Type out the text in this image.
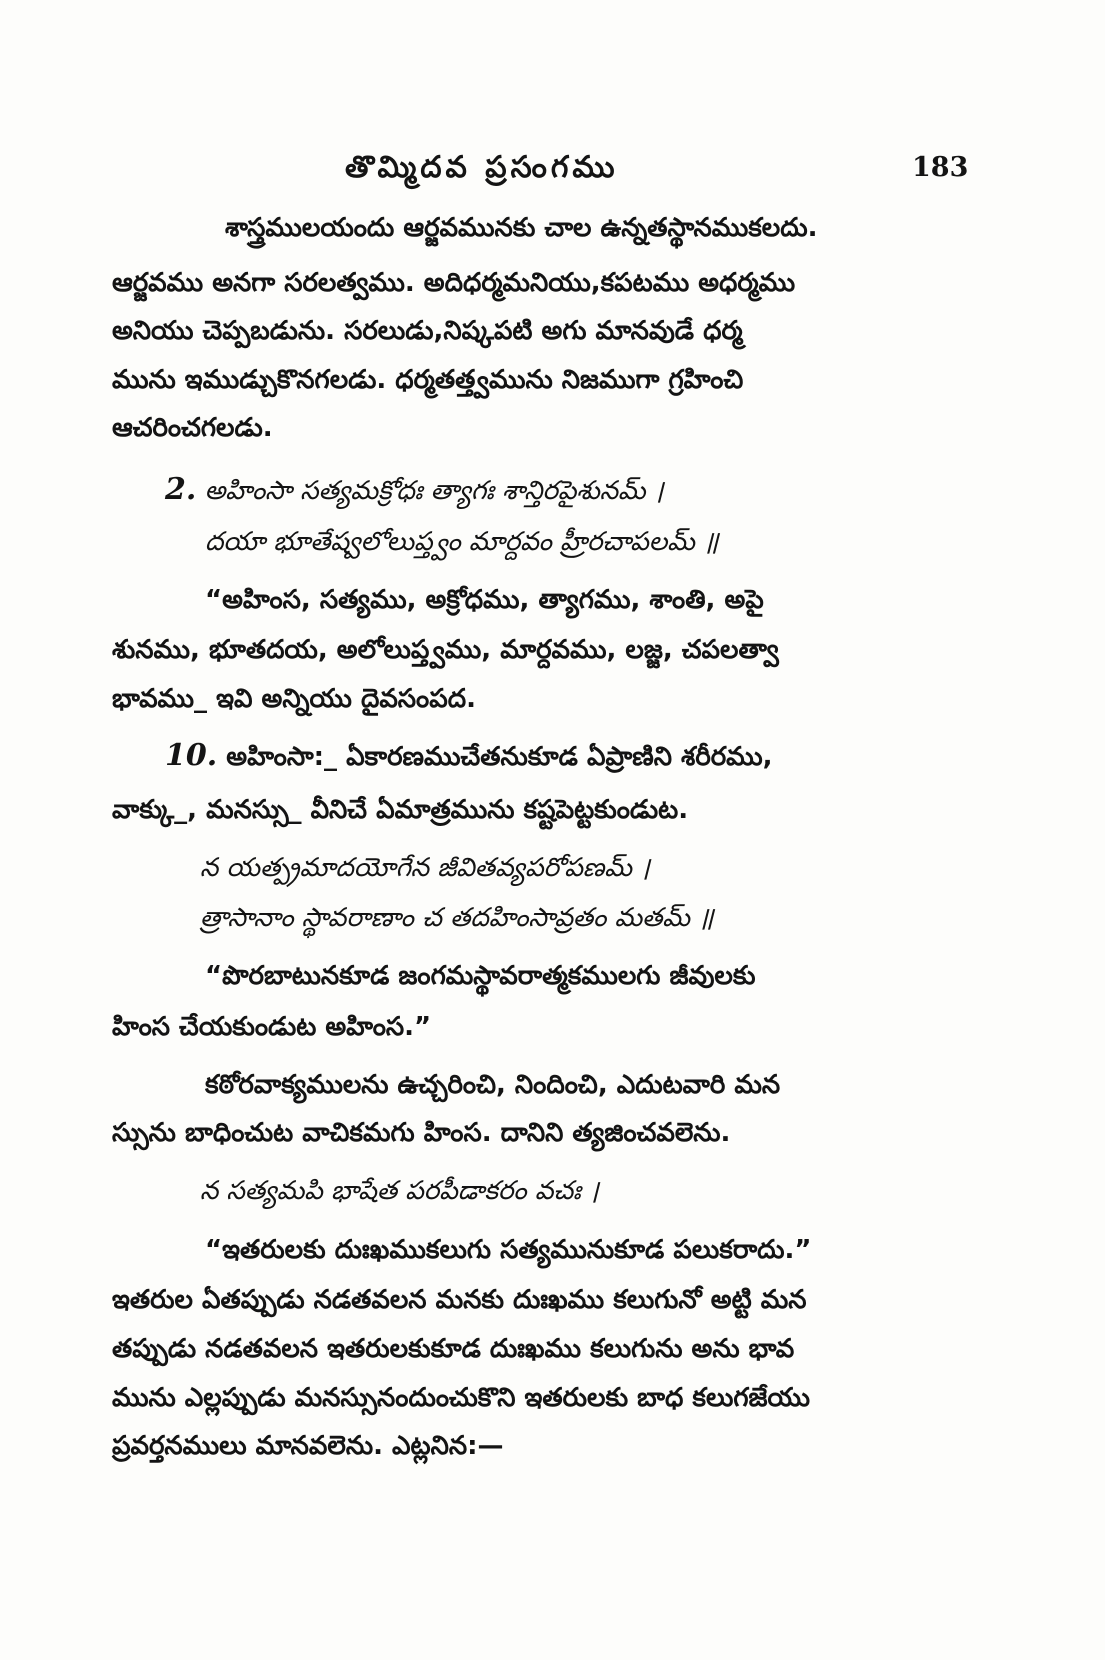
తొమ్మిదవ ప్రసంగము	183
శాస్త్రములయందు ఆర్జవమునకు చాల ఉన్నతస్థానముకలదు.
ఆర్జవము అనగా సరలత్వము. అదిధర్మమనియు,కపటము అధర్మము
అనియు చెప్పబడును. సరలుడు,నిష్కపటి అగు మానవుడే ధర్మ
మును ఇముడ్చుకొనగలడు. ధర్మతత్త్వమును నిజముగా గ్రహించి
ఆచరించగలడు.
2. అహింసా సత్యమక్రోధః త్యాగః శాన్తిరపైశునమ్ ।
దయా భూతేష్వలోలుప్త్వం మార్దవం హ్రీరచాపలమ్ ॥
“అహింస, సత్యము, అక్రోధము, త్యాగము, శాంతి, అపై
శునము, భూతదయ, అలోలుప్త్వము, మార్దవము, లజ్జ, చపలత్వా
భావము_ ఇవి అన్నియు దైవసంపద.
10. అహింసా:_ ఏకారణముచేతనుకూడ ఏప్రాణిని శరీరము,
వాక్కు_, మనస్సు_ వీనిచే ఏమాత్రమును కష్టపెట్టకుండుట.
న యత్ప్రమాదయోగేన జీవితవ్యపరోపణమ్ ।
త్రాసానాం స్థావరాణాం చ తదహింసావ్రతం మతమ్ ॥
“పొరబాటునకూడ జంగమస్థావరాత్మకములగు జీవులకు
హింస చేయకుండుట అహింస.”
కఠోరవాక్యములను ఉచ్చరించి, నిందించి, ఎదుటవారి మన
స్సును బాధించుట వాచికమగు హింస. దానిని త్యజించవలెను.
న సత్యమపి భాషేత పరపీడాకరం వచః ।
“ఇతరులకు దుఃఖముకలుగు సత్యమునుకూడ పలుకరాదు.”
ఇతరుల ఏతప్పుడు నడతవలన మనకు దుఃఖము కలుగునో అట్టి మన
తప్పుడు నడతవలన ఇతరులకుకూడ దుఃఖము కలుగును అను భావ
మును ఎల్లప్పుడు మనస్సునందుంచుకొని ఇతరులకు బాధ కలుగజేయు
ప్రవర్తనములు మానవలెను. ఎట్లనిన:—
